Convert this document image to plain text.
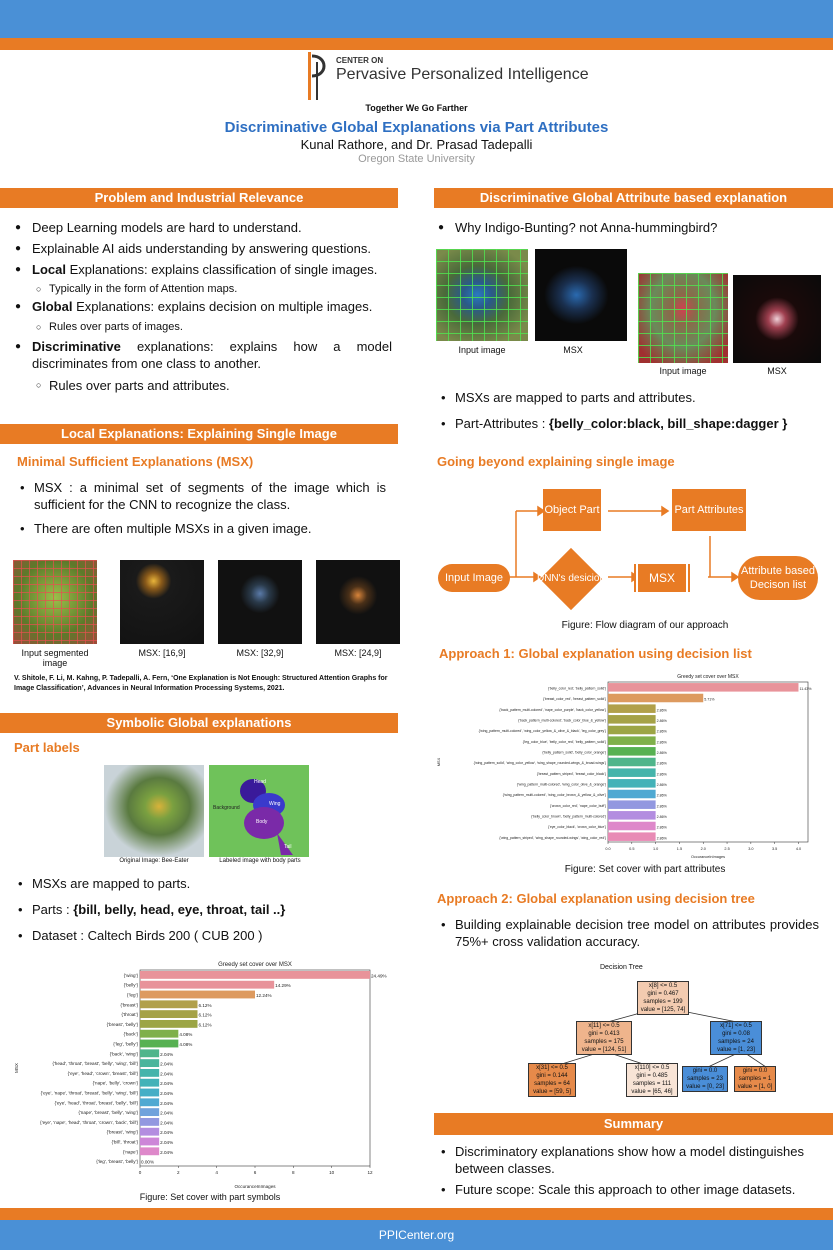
CENTER ON
Pervasive Personalized Intelligence
Together We Go Farther
Discriminative Global Explanations via Part Attributes
Kunal Rathore, and Dr. Prasad Tadepalli
Oregon State University
Problem and Industrial Relevance
● Deep Learning models are hard to understand.
● Explainable AI aids understanding by answering questions.
● Local Explanations: explains classification of single images.
○ Typically in the form of Attention maps.
● Global Explanations: explains decision on multiple images.
○ Rules over parts of images.
● Discriminative explanations: explains how a model discriminates from one class to another.
○ Rules over parts and attributes.
Local Explanations: Explaining Single Image
Minimal Sufficient Explanations (MSX)
• MSX : a minimal set of segments of the image which is sufficient for the CNN to recognize the class.
• There are often multiple MSXs in a given image.
Input segmented image
MSX: [16,9]	MSX: [32,9]	MSX: [24,9]
V. Shitole, F. Li, M. Kahng, P. Tadepalli, A. Fern, ‘One Explanation is Not Enough: Structured Attention Graphs for Image Classification’, Advances in Neural Information Processing Systems, 2021.
Symbolic Global explanations
Part labels
Head
Wing
Body
Tail
Background
Original Image: Bee-Eater	Labeled image with body parts
• MSXs are mapped to parts.
• Parts : {bill, belly, head, eye, throat, tail ..}
• Dataset : Caltech Birds 200 ( CUB 200 )
Greedy set cover over MSX
{'wing'}	24.49%
{'belly'}	14.29%
{'leg'}	12.24%
{'breast'}	6.12%
{'throat'}	6.12%
{'breast', 'belly'}	6.12%
{'back'}	4.08%
{'leg', 'belly'}	4.08%
{'back', 'wing'}	2.04%
{'head', 'throat', 'breast', 'belly', 'wing', 'bill'}	2.04%
{'eye', 'head', 'crown', 'breast', 'bill'}	2.04%
{'nape', 'belly', 'crown'}	2.04%
{'eye', 'nape', 'throat', 'breast', 'belly', 'wing', 'bill'}	2.04%
{'eye', 'head', 'throat', 'breast', 'belly', 'bill'}	2.04%
{'nape', 'breast', 'belly', 'wing'}	2.04%
{'eye', 'nape', 'head', 'throat', 'crown', 'back', 'bill'}	2.04%
{'breast', 'wing'}	2.04%
{'bill', 'throat'}	2.04%
{'nape'}	2.04%
{'leg', 'breast', 'belly'} 0.00%
0	2	4	6	8	10	12
OccuranceInImages
MSX
Figure: Set cover with part symbols
Discriminative Global Attribute based explanation
● Why Indigo-Bunting? not Anna-hummingbird?
Input image	MSX
Input image	MSX
• MSXs are mapped to parts and attributes.
• Part-Attributes : {belly_color:black, bill_shape:dagger }
Going beyond explaining single image
Input Image	DNN's desicion
Object Part
MSX
Part Attributes
Attribute based Decison list
Figure: Flow diagram of our approach
Approach 1: Global explanation using decision list
Greedy set cover over MSX
{'belly_color_red', 'belly_pattern_solid'}	11.43%
{'breast_color_red', 'breast_pattern_solid'}	5.71%
{'back_pattern_multi-colored', 'nape_color_purple', 'back_color_yellow'}	2.86%
{'back_pattern_multi-colored', 'back_color_blue_&_yellow'}	2.86%
{'wing_pattern_multi-colored', 'wing_color_yellow_&_olive_&_black', 'leg_color_grey'}	2.86%
{'leg_color_blue', 'belly_color_red', 'belly_pattern_solid'}	2.86%
{'belly_pattern_solid', 'belly_color_orange'}	2.86%
{'wing_pattern_solid', 'wing_color_yellow', 'wing_shape_rounded-wings_&_broad-wings'}	2.86%
{'breast_pattern_striped', 'breast_color_black'}	2.86%
{'wing_pattern_multi-colored', 'wing_color_olive_&_orange'}	2.86%
{'wing_pattern_multi-colored', 'wing_color_brown_&_yellow_&_olive'}	2.86%
{'crown_color_red', 'nape_color_buff'}	2.86%
{'belly_color_brown', 'belly_pattern_multi-colored'}	2.86%
{'eye_color_black', 'crown_color_blue'}	2.86%
{'wing_pattern_striped', 'wing_shape_rounded-wings', 'wing_color_red'}	2.86%
0.0	0.5	1.0	1.5	2.0	2.5	3.0	3.5	4.0
OccuranceInImages
MSX
Figure: Set cover with part attributes
Approach 2: Global explanation using decision tree
• Building explainable decision tree model on attributes provides 75%+ cross validation accuracy.
Decision Tree
x[8] <= 0.5
gini = 0.467
samples = 199
value = [125, 74]
x[11] <= 0.5
gini = 0.413
samples = 175
value = [124, 51]
x[71] <= 0.5
gini = 0.08
samples = 24
value = [1, 23]
x[31] <= 0.5
gini = 0.144
samples = 64
value = [59, 5]
x[110] <= 0.5
gini = 0.485
samples = 111
value = [65, 46]
gini = 0.0
samples = 23
value = [0, 23]
gini = 0.0
samples = 1
value = [1, 0]
Summary
• Discriminatory explanations show how a model distinguishes between classes.
• Future scope: Scale this approach to other image datasets.
PPICenter.org
